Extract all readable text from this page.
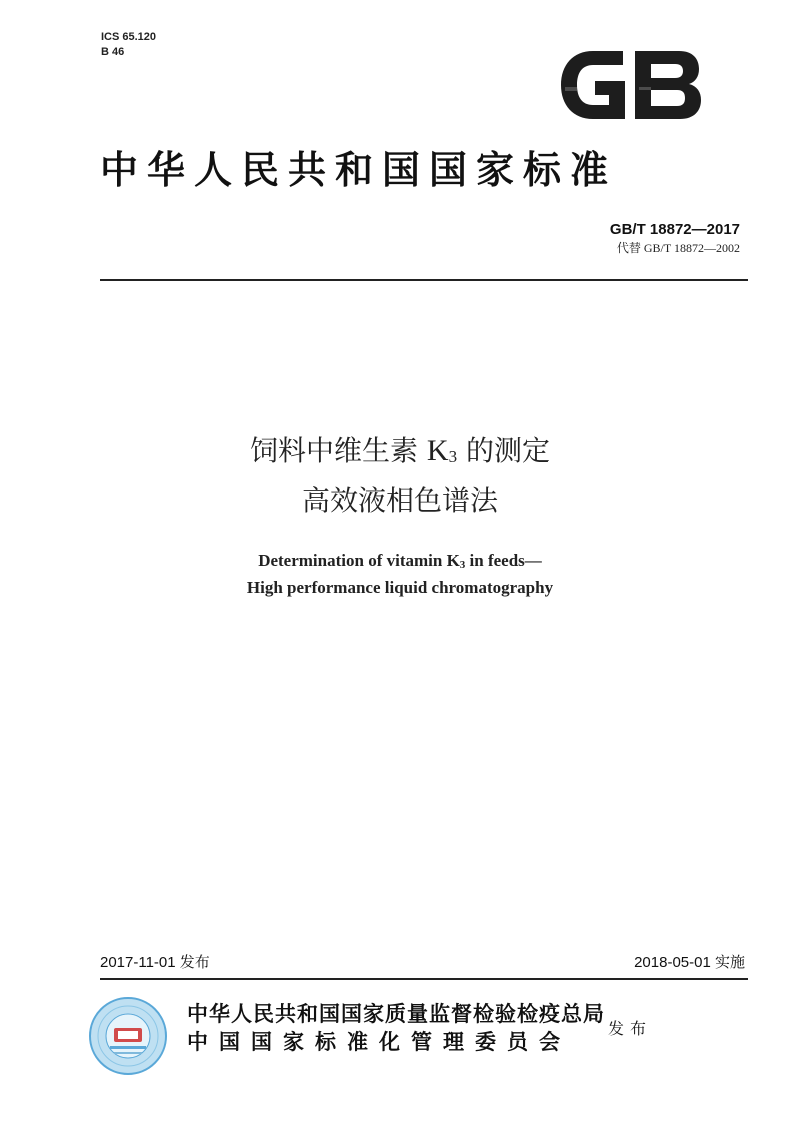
ICS 65.120
B 46
中华人民共和国国家标准
GB/T 18872—2017
代替 GB/T 18872—2002
饲料中维生素 $K_3$ 的测定
高效液相色谱法
Determination of vitamin $K_3$ in feeds—
High performance liquid chromatography
2017-11-01 发布	2018-05-01 实施
中华人民共和国国家质量监督检验检疫总局
中国国家标准化管理委员会
发布
